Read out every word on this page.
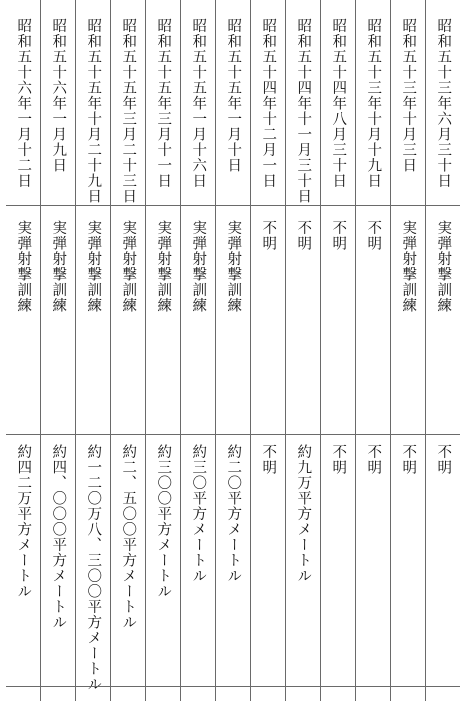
昭和五十三年六月三十日
実弾射撃訓練
不明
昭和五十三年十月三日
実弾射撃訓練
不明
昭和五十三年十月十九日
不明
不明
昭和五十四年八月三十日
不明
不明
昭和五十四年十一月三十日
不明
約九万平方メートル
昭和五十四年十二月一日
不明
不明
昭和五十五年一月十日
実弾射撃訓練
約二〇平方メートル
昭和五十五年一月十六日
実弾射撃訓練
約三〇平方メートル
昭和五十五年三月十一日
実弾射撃訓練
約三〇〇平方メートル
昭和五十五年三月二十三日
実弾射撃訓練
約二、五〇〇平方メートル
昭和五十五年十月二十九日
実弾射撃訓練
約一二〇万八、三〇〇平方メートル
昭和五十六年一月九日
実弾射撃訓練
約四、〇〇〇平方メートル
昭和五十六年一月十二日
実弾射撃訓練
約四二万平方メートル
